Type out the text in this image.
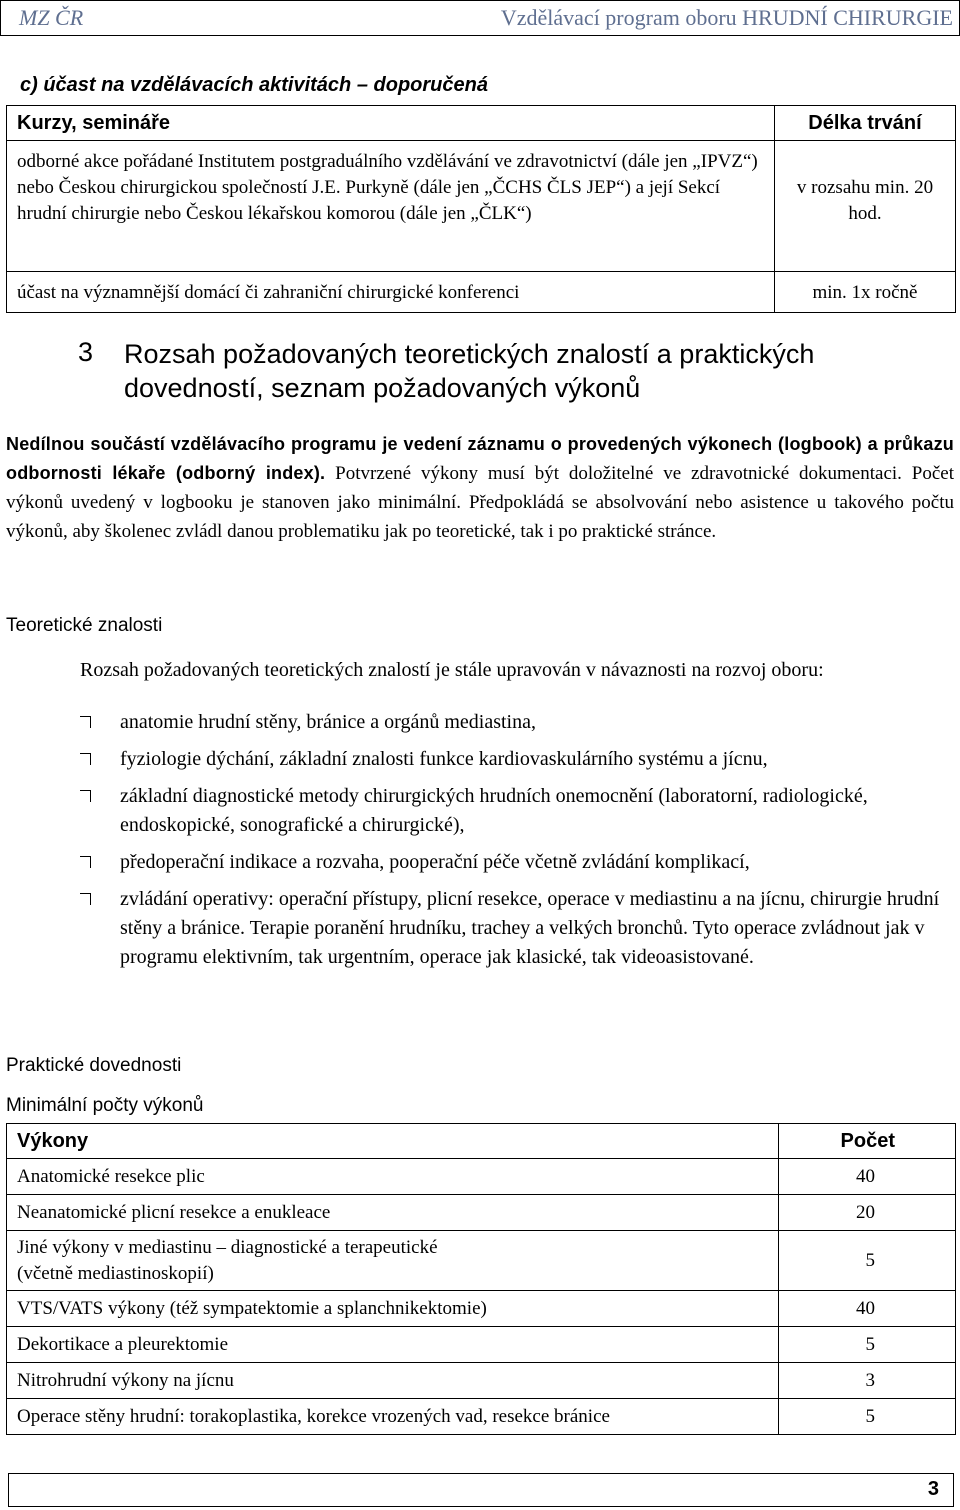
MZ ČR	Vzdělávací program oboru HRUDNÍ CHIRURGIE
c) účast na vzdělávacích aktivitách – doporučená
Kurzy, semináře	Délka trvání
odborné akce pořádané Institutem postgraduálního vzdělávání ve zdravotnictví (dále jen „IPVZ“) nebo Českou chirurgickou společností J.E. Purkyně (dále jen „ČCHS ČLS JEP“) a její Sekcí hrudní chirurgie nebo Českou lékařskou komorou (dále jen „ČLK“)	v rozsahu min. 20 hod.
účast na významnější domácí či zahraniční chirurgické konferenci	min. 1x ročně
3 Rozsah požadovaných teoretických znalostí a praktických dovedností, seznam požadovaných výkonů
Nedílnou součástí vzdělávacího programu je vedení záznamu o provedených výkonech (logbook) a průkazu odbornosti lékaře (odborný index). Potvrzené výkony musí být doložitelné ve zdravotnické dokumentaci. Počet výkonů uvedený v logbooku je stanoven jako minimální. Předpokládá se absolvování nebo asistence u takového počtu výkonů, aby školenec zvládl danou problematiku jak po teoretické, tak i po praktické stránce.
Teoretické znalosti
Rozsah požadovaných teoretických znalostí je stále upravován v návaznosti na rozvoj oboru:
anatomie hrudní stěny, bránice a orgánů mediastina,
fyziologie dýchání, základní znalosti funkce kardiovaskulárního systému a jícnu,
základní diagnostické metody chirurgických hrudních onemocnění (laboratorní, radiologické, endoskopické, sonografické a chirurgické),
předoperační indikace a rozvaha, pooperační péče včetně zvládání komplikací,
zvládání operativy: operační přístupy, plicní resekce, operace v mediastinu a na jícnu, chirurgie hrudní stěny a bránice. Terapie poranění hrudníku, trachey a velkých bronchů. Tyto operace zvládnout jak v programu elektivním, tak urgentním, operace jak klasické, tak videoasistované.
Praktické dovednosti
Minimální počty výkonů
Výkony	Počet
Anatomické resekce plic	40
Neanatomické plicní resekce a enukleace	20
Jiné výkony v mediastinu – diagnostické a terapeutické (včetně mediastinoskopií)	5
VTS/VATS výkony (též sympatektomie a splanchnikektomie)	40
Dekortikace a pleurektomie	5
Nitrohrudní výkony na jícnu	3
Operace stěny hrudní: torakoplastika, korekce vrozených vad, resekce bránice	5
3
